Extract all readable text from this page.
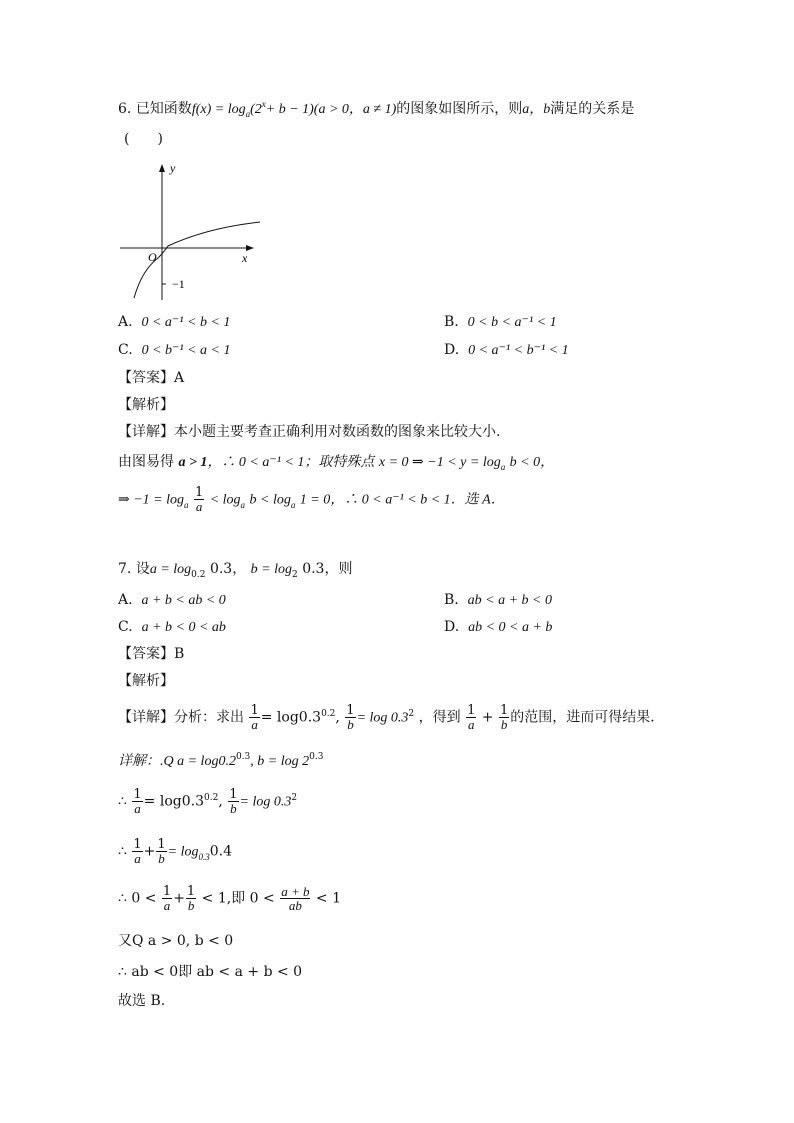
6. 已知函数$f(x) = \log_a(2^x+ b - 1)(a > 0$，a ≠ 1)的图象如图所示，则a，b满足的关系是
(　　)
y
x
O
−1
A. 0 < a⁻¹ < b < 1	B. 0 < b < a⁻¹ < 1
C. 0 < b⁻¹ < a < 1	D. 0 < a⁻¹ < b⁻¹ < 1
【答案】A
【解析】
【详解】本小题主要考查正确利用对数函数的图象来比较大小.
由图易得 a > 1，∴ 0 < a⁻¹ < 1；取特殊点 x = 0 ⇒ $-1 < y = \log_a b < 0$，
⇒ $-1 = \log_a \frac{1}{a} < \log_a b < \log_a 1 = 0$，∴ 0 < a⁻¹ < b < 1．选 A．
7. 设$a = \log_{0.2} 0.3$， $b = \log_2 0.3$，则
A. a + b < ab < 0	B. ab < a + b < 0
C. a + b < 0 < ab	D. ab < 0 < a + b
【答案】B
【解析】
【详解】分析：求出 $\frac{1}{a} = \log 0.3^{0.2}$, $\frac{1}{b} = \log 0.3^2$ ，得到 $\frac{1}{a} + \frac{1}{b}$ 的范围，进而可得结果．
详解：.Q $a = \log 0.2^{0.3}$, $b = \log 2^{0.3}$
∴ $\frac{1}{a} = \log 0.3^{0.2}$, $\frac{1}{b} = \log 0.3^2$
∴ $\frac{1}{a} + \frac{1}{b} = \log_{0.3}0.4$
∴ $0 < \frac{1}{a} + \frac{1}{b} < 1$,即 $0 < \frac{a + b}{ab} < 1$
又Q a > 0, b < 0
∴ ab < 0即 ab < a + b < 0
故选 B.
